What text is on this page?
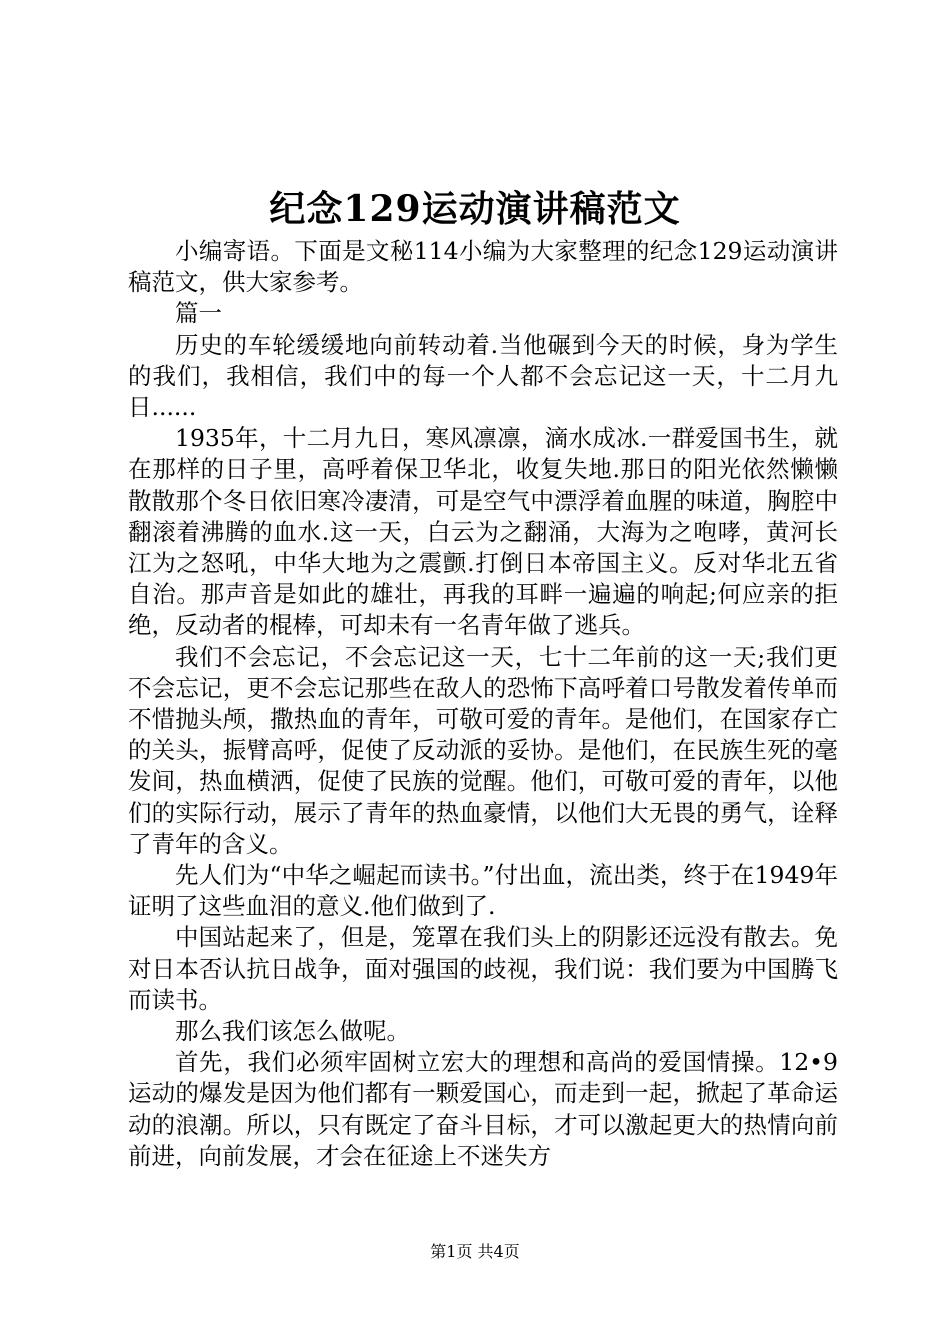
纪念129运动演讲稿范文

小编寄语。下面是文秘114小编为大家整理的纪念129运动演讲稿范文，供大家参考。

篇一

历史的车轮缓缓地向前转动着.当他碾到今天的时候，身为学生的我们，我相信，我们中的每一个人都不会忘记这一天，十二月九日......

1935年，十二月九日，寒风凛凛，滴水成冰.一群爱国书生，就在那样的日子里，高呼着保卫华北，收复失地.那日的阳光依然懒懒散散那个冬日依旧寒冷凄清，可是空气中漂浮着血腥的味道，胸腔中翻滚着沸腾的血水.这一天，白云为之翻涌，大海为之咆哮，黄河长江为之怒吼，中华大地为之震颤.打倒日本帝国主义。反对华北五省自治。那声音是如此的雄壮，再我的耳畔一遍遍的响起;何应亲的拒绝，反动者的棍棒，可却未有一名青年做了逃兵。

我们不会忘记，不会忘记这一天，七十二年前的这一天;我们更不会忘记，更不会忘记那些在敌人的恐怖下高呼着口号散发着传单而不惜抛头颅，撒热血的青年，可敬可爱的青年。是他们，在国家存亡的关头，振臂高呼，促使了反动派的妥协。是他们，在民族生死的毫发间，热血横洒，促使了民族的觉醒。他们，可敬可爱的青年，以他们的实际行动，展示了青年的热血豪情，以他们大无畏的勇气，诠释了青年的含义。

先人们为“中华之崛起而读书。”付出血，流出类，终于在1949年证明了这些血泪的意义.他们做到了.

中国站起来了，但是，笼罩在我们头上的阴影还远没有散去。免对日本否认抗日战争，面对强国的歧视，我们说：我们要为中国腾飞而读书。

那么我们该怎么做呢。

首先，我们必须牢固树立宏大的理想和高尚的爱国情操。12•9运动的爆发是因为他们都有一颗爱国心，而走到一起，掀起了革命运动的浪潮。所以，只有既定了奋斗目标，才可以激起更大的热情向前前进，向前发展，才会在征途上不迷失方

第1页 共4页
